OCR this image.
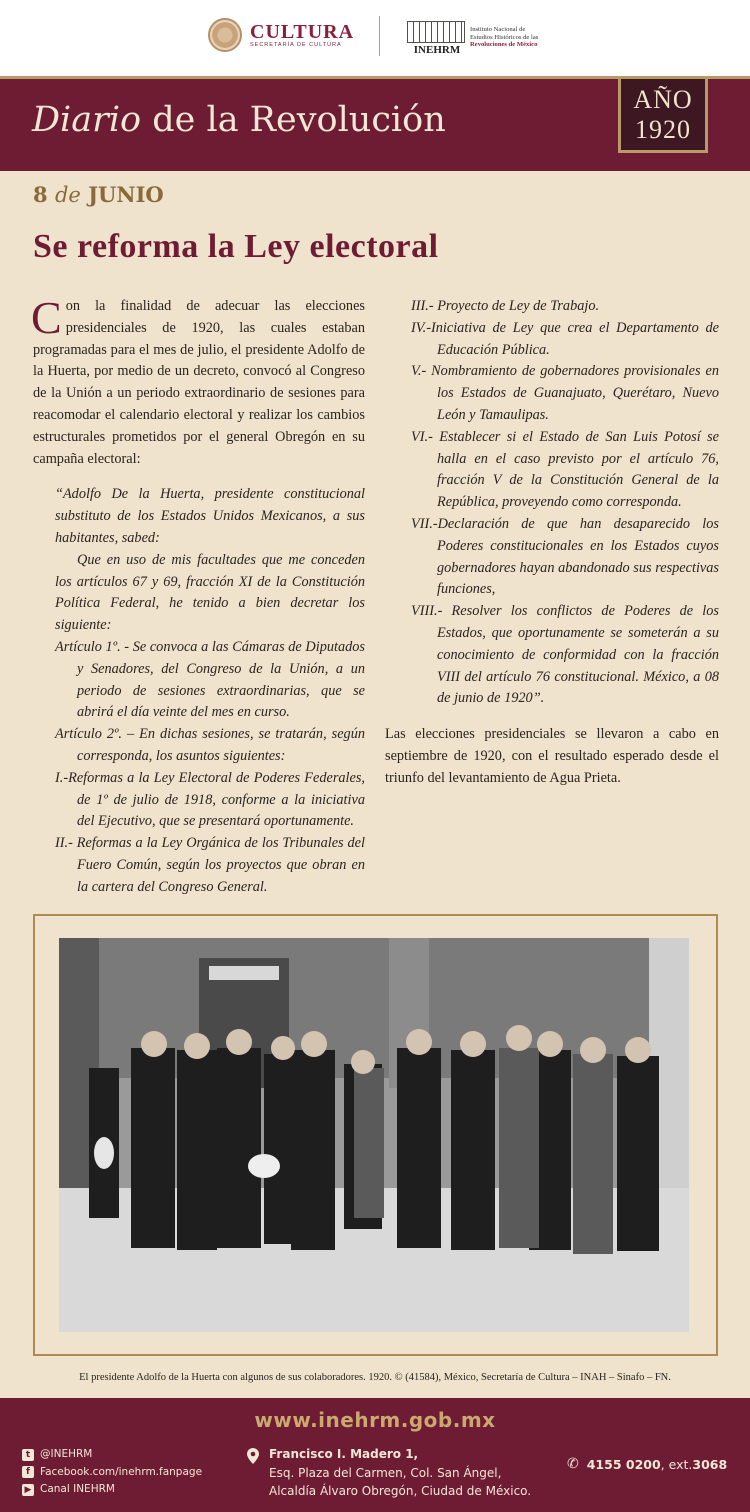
CULTURA
SECRETARÍA DE CULTURA	INEHRM
Instituto Nacional de
Estudios Históricos de las
Revoluciones de México
Diario de la Revolución
AÑO
1920
8 de JUNIO
Se reforma la Ley electoral

Con la finalidad de adecuar las elecciones presidenciales de 1920, las cuales estaban programadas para el mes de julio, el presidente Adolfo de la Huerta, por medio de un decreto, convocó al Congreso de la Unión a un periodo extraordinario de sesiones para reacomodar el calendario electoral y realizar los cambios estructurales prometidos por el general Obregón en su campaña electoral:

“Adolfo De la Huerta, presidente constitucional substituto de los Estados Unidos Mexicanos, a sus habitantes, sabed:

Que en uso de mis facultades que me conceden los artículos 67 y 69, fracción XI de la Constitución Política Federal, he tenido a bien decretar los siguiente:

Artículo 1º. - Se convoca a las Cámaras de Diputados y Senadores, del Congreso de la Unión, a un periodo de sesiones extraordinarias, que se abrirá el día veinte del mes en curso.

Artículo 2º. – En dichas sesiones, se tratarán, según corresponda, los asuntos siguientes:

I.-Reformas a la Ley Electoral de Poderes Federales, de 1º de julio de 1918, conforme a la iniciativa del Ejecutivo, que se presentará oportunamente.

II.- Reformas a la Ley Orgánica de los Tribunales del Fuero Común, según los proyectos que obran en la cartera del Congreso General.

III.- Proyecto de Ley de Trabajo.

IV.-Iniciativa de Ley que crea el Departamento de Educación Pública.

V.- Nombramiento de gobernadores provisionales en los Estados de Guanajuato, Querétaro, Nuevo León y Tamaulipas.

VI.- Establecer si el Estado de San Luis Potosí se halla en el caso previsto por el artículo 76, fracción V de la Constitución General de la República, proveyendo como corresponda.

VII.-Declaración de que han desaparecido los Poderes constitucionales en los Estados cuyos gobernadores hayan abandonado sus respectivas funciones,

VIII.- Resolver los conflictos de Poderes de los Estados, que oportunamente se someterán a su conocimiento de conformidad con la fracción VIII del artículo 76 constitucional. México, a 08 de junio de 1920”.

Las elecciones presidenciales se llevaron a cabo en septiembre de 1920, con el resultado esperado desde el triunfo del levantamiento de Agua Prieta.

El presidente Adolfo de la Huerta con algunos de sus colaboradores. 1920. © (41584), México, Secretaría de Cultura – INAH – Sinafo – FN.
www.inehrm.gob.mx
t @INEHRM
f Facebook.com/inehrm.fanpage
▶ Canal INEHRM
Francisco I. Madero 1,
Esq. Plaza del Carmen, Col. San Ángel,
Alcaldía Álvaro Obregón, Ciudad de México.
✆ 4155 0200 , ext. 3068
